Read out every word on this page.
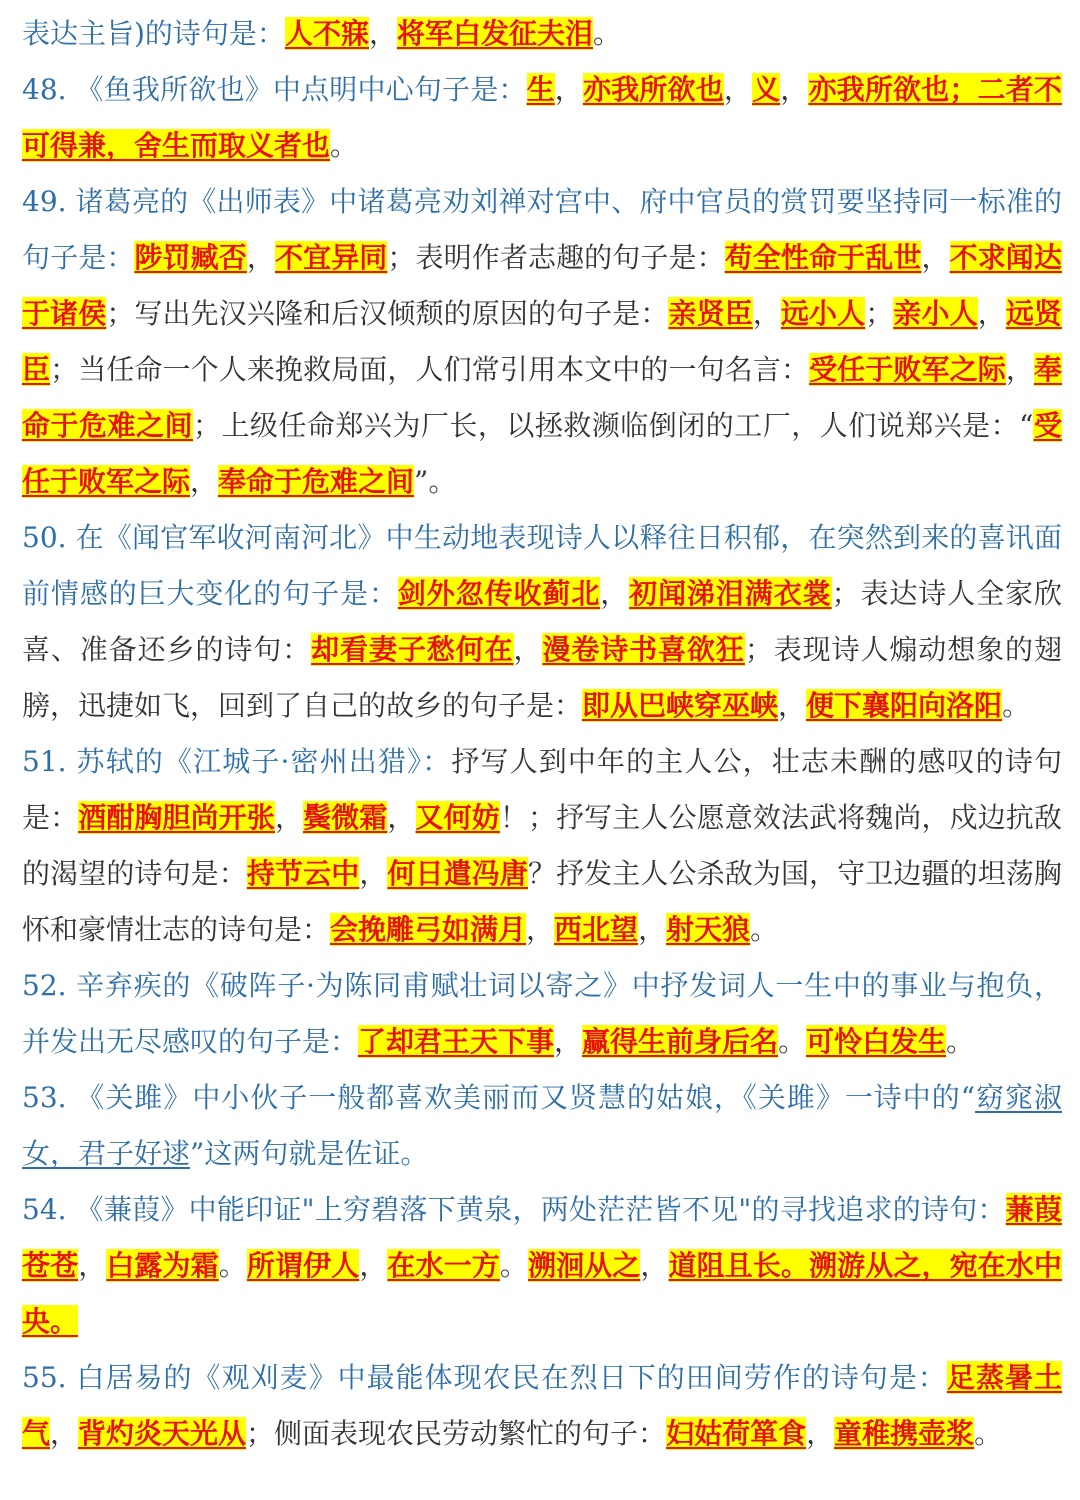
表达主旨)的诗句是：人不寐，将军白发征夫泪。

48. 《鱼我所欲也》中点明中心句子是：生，亦我所欲也，义，亦我所欲也；二者不可得兼，舍生而取义者也。

49. 诸葛亮的《出师表》中诸葛亮劝刘禅对宫中、府中官员的赏罚要坚持同一标准的句子是：陟罚臧否，不宜异同；表明作者志趣的句子是：苟全性命于乱世，不求闻达于诸侯；写出先汉兴隆和后汉倾颓的原因的句子是：亲贤臣，远小人；亲小人，远贤臣；当任命一个人来挽救局面，人们常引用本文中的一句名言：受任于败军之际，奉命于危难之间；上级任命郑兴为厂长，以拯救濒临倒闭的工厂，人们说郑兴是：“受任于败军之际，奉命于危难之间”。

50. 在《闻官军收河南河北》中生动地表现诗人以释往日积郁，在突然到来的喜讯面前情感的巨大变化的句子是：剑外忽传收蓟北，初闻涕泪满衣裳；表达诗人全家欣喜、准备还乡的诗句：却看妻子愁何在，漫卷诗书喜欲狂；表现诗人煽动想象的翅膀，迅捷如飞，回到了自己的故乡的句子是：即从巴峡穿巫峡，便下襄阳向洛阳。

51. 苏轼的《江城子·密州出猎》：抒写人到中年的主人公，壮志未酬的感叹的诗句是：酒酣胸胆尚开张，鬓微霜，又何妨！；抒写主人公愿意效法武将魏尚，戍边抗敌的渴望的诗句是：持节云中，何日遣冯唐？抒发主人公杀敌为国，守卫边疆的坦荡胸怀和豪情壮志的诗句是：会挽雕弓如满月，西北望，射天狼。

52. 辛弃疾的《破阵子·为陈同甫赋壮词以寄之》中抒发词人一生中的事业与抱负，并发出无尽感叹的句子是：了却君王天下事，赢得生前身后名。可怜白发生。

53. 《关雎》中小伙子一般都喜欢美丽而又贤慧的姑娘，《关雎》一诗中的“窈窕淑女，君子好逑”这两句就是佐证。

54. 《蒹葭》中能印证"上穷碧落下黄泉，两处茫茫皆不见"的寻找追求的诗句：蒹葭苍苍，白露为霜。所谓伊人，在水一方。溯洄从之，道阻且长。溯游从之，宛在水中央。

55. 白居易的《观刈麦》中最能体现农民在烈日下的田间劳作的诗句是：足蒸暑土气，背灼炎天光从；侧面表现农民劳动繁忙的句子：妇姑荷箪食，童稚携壶浆。
